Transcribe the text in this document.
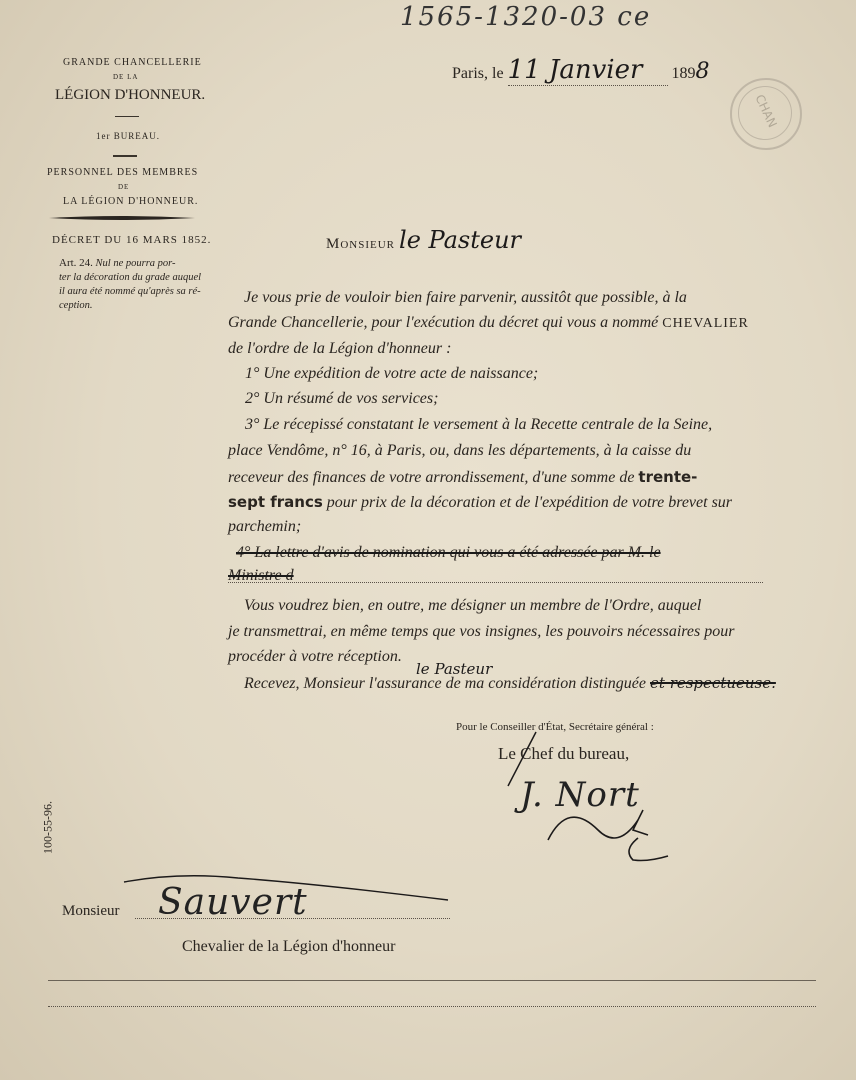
1565-1320-03 ce
GRANDE CHANCELLERIE
DE LA
LÉGION D'HONNEUR.
1er BUREAU.
PERSONNEL DES MEMBRES
DE
LA LÉGION D'HONNEUR.
DÉCRET DU 16 MARS 1852.
Art. 24. Nul ne pourra por-
ter la décoration du grade auquel
il aura été nommé qu'après sa ré-
ception.
Paris, le 11 Janvier 1898
CHAN
Monsieur le Pasteur
Je vous prie de vouloir bien faire parvenir, aussitôt que possible, à la
Grande Chancellerie, pour l'exécution du décret qui vous a nommé CHEVALIER
de l'ordre de la Légion d'honneur :
1° Une expédition de votre acte de naissance;
2° Un résumé de vos services;
3° Le récepissé constatant le versement à la Recette centrale de la Seine,
place Vendôme, n° 16, à Paris, ou, dans les départements, à la caisse du
receveur des finances de votre arrondissement, d'une somme de trente-
sept francs pour prix de la décoration et de l'expédition de votre brevet sur
parchemin;
4° La lettre d'avis de nomination qui vous a été adressée par M. le
Ministre d
Vous voudrez bien, en outre, me désigner un membre de l'Ordre, auquel
je transmettrai, en même temps que vos insignes, les pouvoirs nécessaires pour
procéder à votre réception.
le Pasteur
Recevez, Monsieur l'assurance de ma considération distinguée et respectueuse.
Pour le Conseiller d'État, Secrétaire général :
Le Chef du bureau,
J. Nort
100-55-96.
Monsieur Sauvert
Chevalier de la Légion d'honneur
